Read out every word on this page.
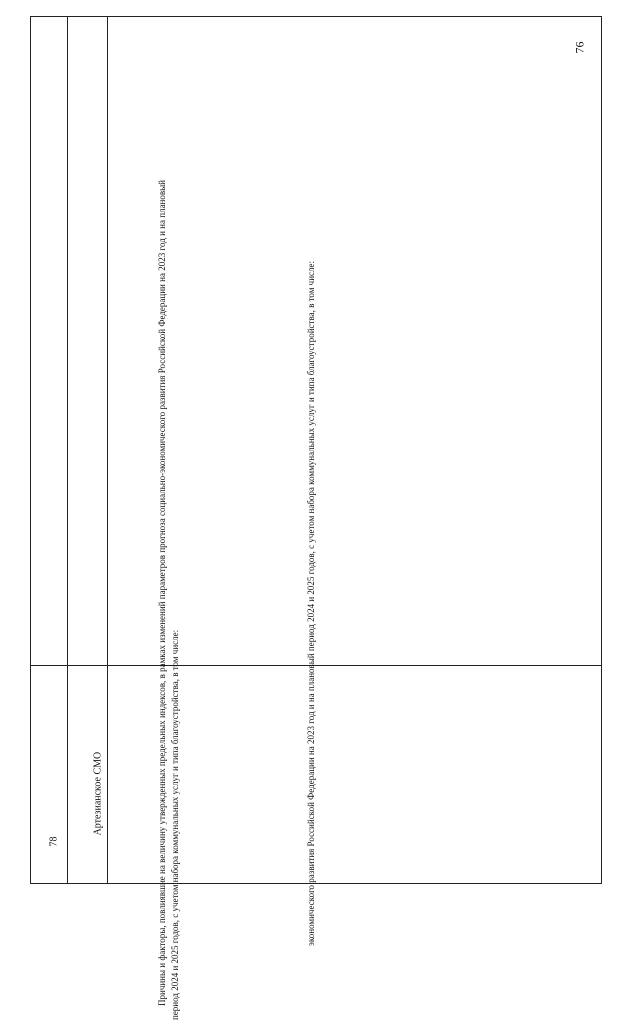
76
78
Артезианское СМО	экономического развития Российской Федерации на 2023 год и на плановый период 2024 и 2025 годов, с учетом набора коммунальных услуг и типа благоустройства, в том числе:

Причины и факторы, повлиявшие на величину утвержденных предельных индексов, в рамках изменений параметров прогноза социально-экономического развития Российской Федерации на 2023 год и на плановый период 2024 и 2025 годов, с учетом набора коммунальных услуг и типа благоустройства, в том числе:
